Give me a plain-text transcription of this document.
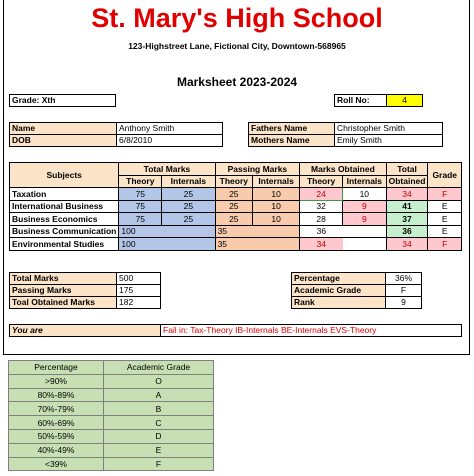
St. Mary's High School
123-Highstreet Lane, Fictional City, Downtown-568965
Marksheet 2023-2024
Grade: Xth	Roll No:	4
Name	Anthony Smith
DOB	6/8/2010
Fathers Name	Christopher Smith
Mothers Name	Emily Smith
Subjects	Total Marks		Passing Marks		Marks Obtained		Total	Grade
	Theory	Internals	Theory	Internals	Theory	Internals	Obtained	
Taxation	75	25	25	10	24	10	34	F
International Business	75	25	25	10	32	9	41	E
Business Economics	75	25	25	10	28	9	37	E
Business Communication	100		35		36		36	E
Environmental Studies	100		35		34		34	F
Total Marks	500
Passing Marks	175
Toal Obtained Marks	182
Percentage	36%
Academic Grade	F
Rank	9
You are	Fail in: Tax-Theory IB-Internals BE-Internals EVS-Theory
Percentage	Academic Grade
>90%	O
80%-89%	A
70%-79%	B
60%-69%	C
50%-59%	D
40%-49%	E
<39%	F
